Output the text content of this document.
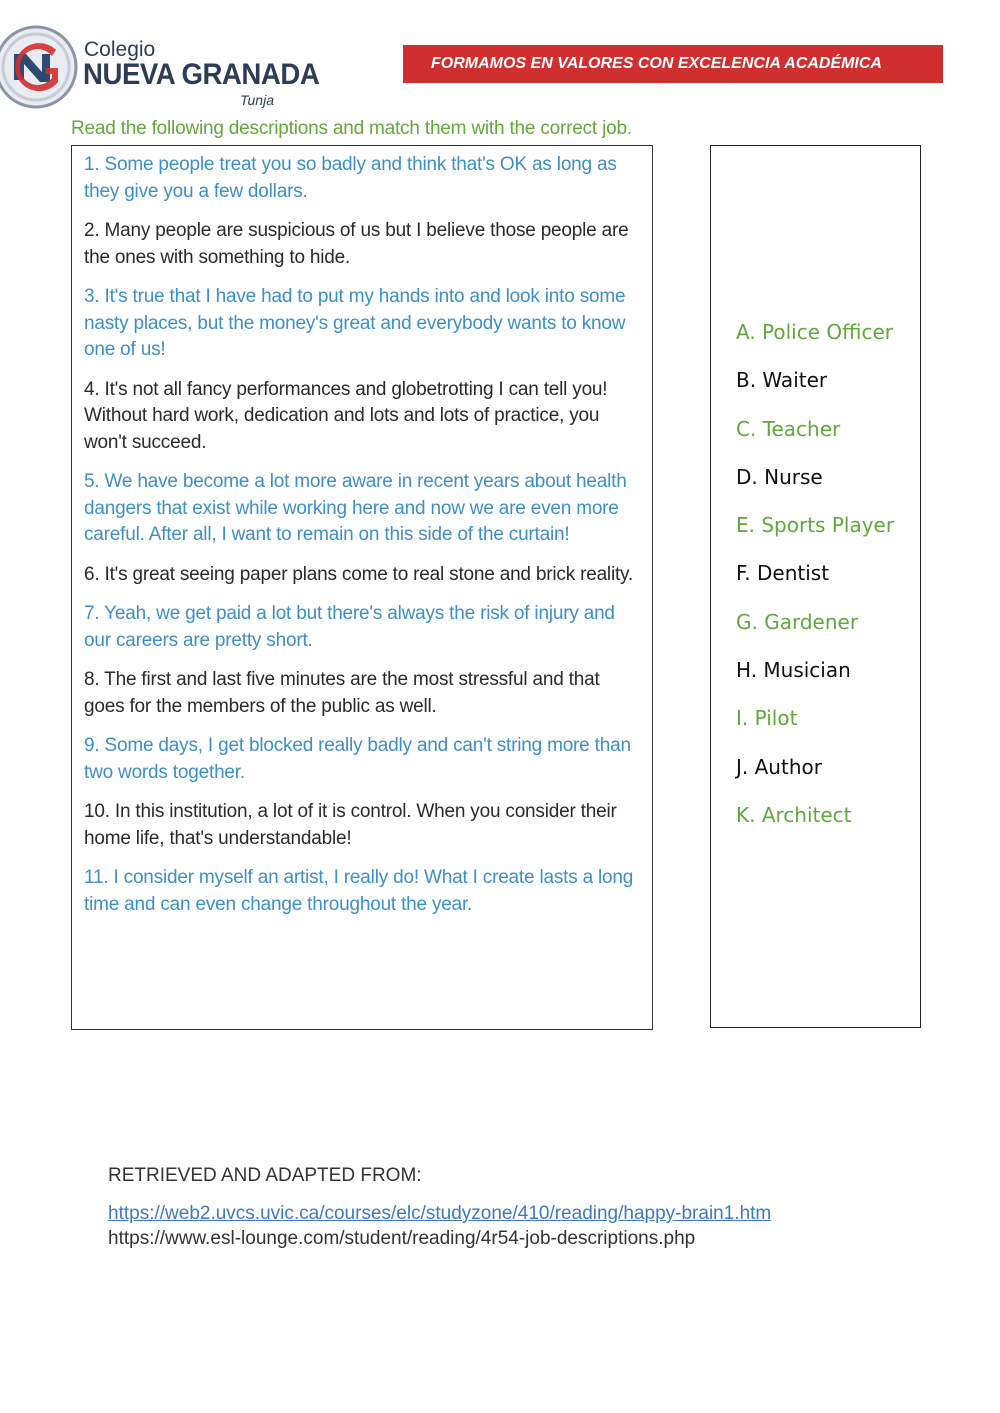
Colegio
NUEVA GRANADA
Tunja
FORMAMOS EN VALORES CON EXCELENCIA ACADÉMICA
Read the following descriptions and match them with the correct job.

1. Some people treat you so badly and think that's OK as long as they give you a few dollars.

2. Many people are suspicious of us but I believe those people are the ones with something to hide.

3. It's true that I have had to put my hands into and look into some nasty places, but the money's great and everybody wants to know one of us!

4. It's not all fancy performances and globetrotting I can tell you! Without hard work, dedication and lots and lots of practice, you won't succeed.

5. We have become a lot more aware in recent years about health dangers that exist while working here and now we are even more careful. After all, I want to remain on this side of the curtain!

6. It's great seeing paper plans come to real stone and brick reality.

7. Yeah, we get paid a lot but there's always the risk of injury and our careers are pretty short.

8. The first and last five minutes are the most stressful and that goes for the members of the public as well.

9. Some days, I get blocked really badly and can't string more than two words together.

10. In this institution, a lot of it is control. When you consider their home life, that's understandable!

11. I consider myself an artist, I really do! What I create lasts a long time and can even change throughout the year.

A. Police Officer
B. Waiter
C. Teacher
D. Nurse
E. Sports Player
F. Dentist
G. Gardener
H. Musician
I. Pilot
J. Author
K. Architect
RETRIEVED AND ADAPTED FROM:
https://web2.uvcs.uvic.ca/courses/elc/studyzone/410/reading/happy-brain1.htm
https://www.esl-lounge.com/student/reading/4r54-job-descriptions.php
